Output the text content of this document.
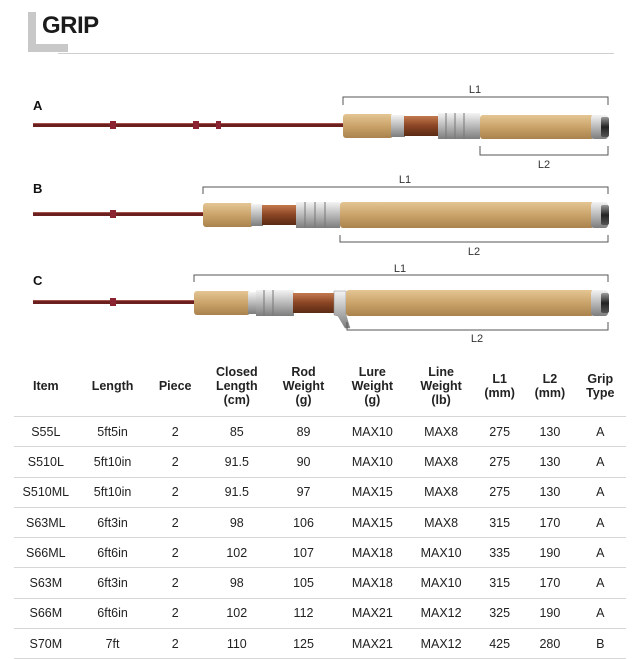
GRIP
A
L1
L2
B
L1
L2
C
L1
L2
Item	Length	Piece	Closed
Length
(cm)	Rod
Weight
(g)	Lure
Weight
(g)	Line
Weight
(lb)	L1
(mm)	L2
(mm)	Grip
Type
S55L	5ft5in	2	85	89	MAX10	MAX8	275	130	A
S510L	5ft10in	2	91.5	90	MAX10	MAX8	275	130	A
S510ML	5ft10in	2	91.5	97	MAX15	MAX8	275	130	A
S63ML	6ft3in	2	98	106	MAX15	MAX8	315	170	A
S66ML	6ft6in	2	102	107	MAX18	MAX10	335	190	A
S63M	6ft3in	2	98	105	MAX18	MAX10	315	170	A
S66M	6ft6in	2	102	112	MAX21	MAX12	325	190	A
S70M	7ft	2	110	125	MAX21	MAX12	425	280	B
